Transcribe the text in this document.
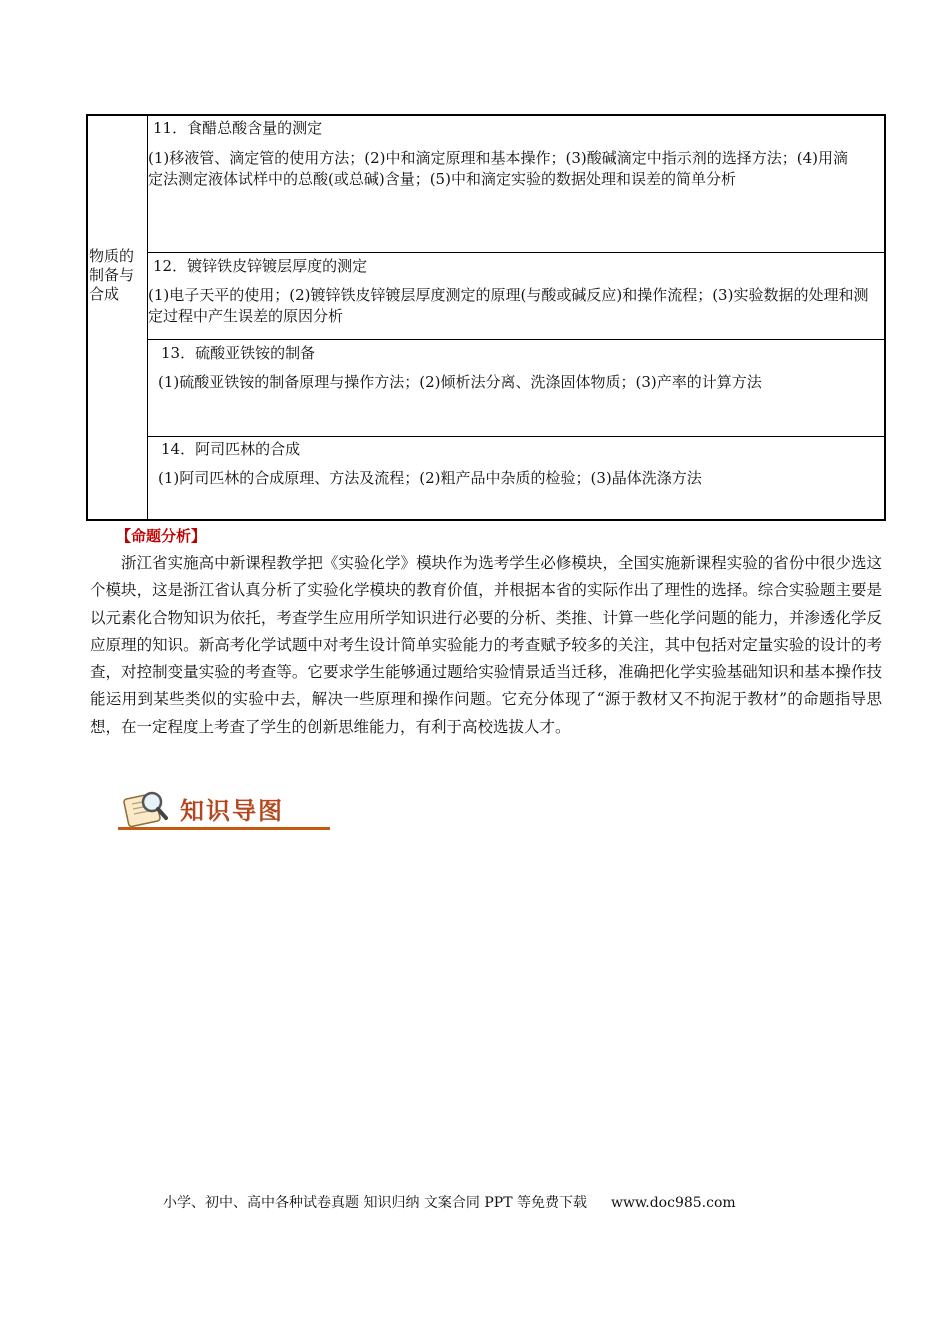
物质的制备与合成
11．食醋总酸含量的测定
(1)移液管、滴定管的使用方法；(2)中和滴定原理和基本操作；(3)酸碱滴定中指示剂的选择方法；(4)用滴定法测定液体试样中的总酸(或总碱)含量；(5)中和滴定实验的数据处理和误差的简单分析
12．镀锌铁皮锌镀层厚度的测定
(1)电子天平的使用；(2)镀锌铁皮锌镀层厚度测定的原理(与酸或碱反应)和操作流程；(3)实验数据的处理和测定过程中产生误差的原因分析
13．硫酸亚铁铵的制备
(1)硫酸亚铁铵的制备原理与操作方法；(2)倾析法分离、洗涤固体物质；(3)产率的计算方法
14．阿司匹林的合成
(1)阿司匹林的合成原理、方法及流程；(2)粗产品中杂质的检验；(3)晶体洗涤方法
【命题分析】
浙江省实施高中新课程教学把《实验化学》模块作为选考学生必修模块，全国实施新课程实验的省份中很少选这个模块，这是浙江省认真分析了实验化学模块的教育价值，并根据本省的实际作出了理性的选择。综合实验题主要是以元素化合物知识为依托，考查学生应用所学知识进行必要的分析、类推、计算一些化学问题的能力，并渗透化学反应原理的知识。新高考化学试题中对考生设计简单实验能力的考查赋予较多的关注，其中包括对定量实验的设计的考查，对控制变量实验的考查等。它要求学生能够通过题给实验情景适当迁移，准确把化学实验基础知识和基本操作技能运用到某些类似的实验中去，解决一些原理和操作问题。它充分体现了“源于教材又不拘泥于教材”的命题指导思想，在一定程度上考查了学生的创新思维能力，有利于高校选拔人才。
知识导图
小学、初中、高中各种试卷真题 知识归纳 文案合同 PPT 等免费下载 www.doc985.com
